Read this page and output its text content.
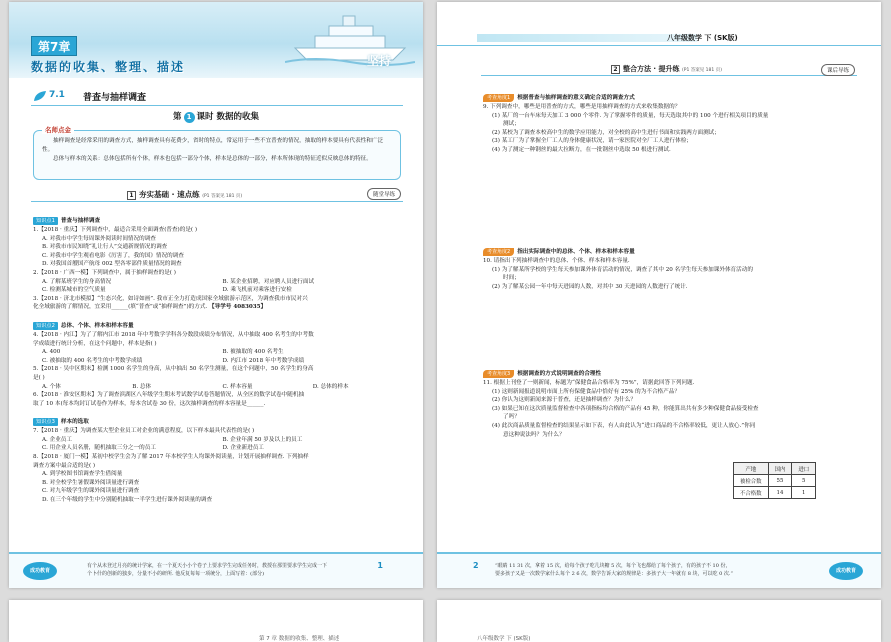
第7章
数据的收集、整理、描述	坚持
7.1 普查与抽样调查
第 1 课时 数据的收集
名师点金

抽样调查是经常采用的调查方式，抽样调查具有花费少，省时的特点，常运用于一些不宜普查的情况，抽取的样本要具有代表性和广泛性。

总体与样本的关系：总体包括所有个体，样本也包括一部分个体，样本是总体的一部分，样本所体现的特征近似反映总体的特征。

1 夯实基础 · 速点练 (P1 答案见 181 页)	随堂导练
知识点1 普查与抽样调查
1.【2018 · 重庆】下列调查中，最适合采用全面调查(普查)的是( )
A. 对我市中学生每周课外阅读时间情况的调查
B. 对我市市民知晓“礼让行人”交通新规情况的调查
C. 对我市中学生观看电影《厉害了，我的国》情况的调查
D. 对我国首艘国产航母 002 型各零部件质量情况的调查
2.【2018 · 广西一模】下列调查中，属于抽样调查的是( )
A. 了解某班学生的身高情况	B. 某企业招聘，对应聘人员进行面试
C. 检测某城市的空气质量	D. 乘飞机前对乘客进行安检
3.【2018 · 济北市模拟】“生态兴化，如诗如画”. 我市正全力打造成国家全域旅游示范区，为调查我市市民对兴
化全域旅游的了解情况，宜采用______(填“普查”或“抽样调查”)的方式. 【导学号 4083035】
知识点2 总体、个体、样本和样本容量
4.【2018 · 内江】为了了解内江市 2018 年中考数学学科各分数段成绩分布情况，从中抽取 400 名考生的中考数
学成绩进行统计分析，在这个问题中，样本是指( )
A. 400	B. 被抽取的 400 名考生
C. 被抽取的 400 名考生的中考数学成绩	D. 内江市 2018 年中考数学成绩
5.【2018 · 吴中区期末】检测 1000 名学生的身高，从中抽出 50 名学生测量，在这个问题中，50 名学生的身高
是( )
A. 个体	B. 总体	C. 样本容量	D. 总体的样本
6.【2018 · 淮安区期末】为了调查滨湖区八年级学生期末考试数学试卷答题情况，从全区的数学试卷中随机抽
取了 10 本(每本均封订试卷作为样本，每本含试卷 30 份，这次抽样调查的样本容量是______.
知识点3 样本的选取
7.【2018 · 重庆】为调查某大型企业员工对企业的满意程度，以下样本最具代表性的是( )
A. 企业员工	B. 企业年满 50 岁及以上的员工
C. 用企业人员名册，随机抽取三分之一的员工	D. 企业新进员工
8.【2018 · 厦门一模】某初中校学生会为了解 2017 年本校学生人均课外阅读量，计划开展抽样调查. 下列抽样
调查方案中最合适的是( )
A. 到学校图书馆调查学生借阅量
B. 对全校学生暑假课外阅读量进行调查
C. 对九年级学生的课外阅读量进行调查
D. 在三个年级的学生中分别随机抽取一半学生进行课外阅读量的调查
成功教育
有个从未登过月亮的统计学家，在一个夏天小小个卷子上要求学生完成任务时，教授在那里要求学生完成一下
个卜什的创新的独步，分量不小的研所. 他反复每每一项统分，上面写着：(部分)
1
八年级数学 下 (SK版)
2 整合方法 · 提升练 (P1 答案见 181 页)	课后导练
考查角度1 根据普查与抽样调查的意义确定合适的调查方式
9. 下列调查中，哪些是用普查的方式，哪些是用抽样调查的方式来收集数据的？
(1) 某厂的一台车床每天加工 3 000 个零件. 为了掌握零件的质量，每天选取其中的 100 个进行相关项目的质量
测试；
(2) 某校为了调查本校高中生的数学应用能力，对全校的高中生进行书面和实践两方面测试；
(3) 某工厂为了掌握全厂工人的身体健康状况，请一家医院对全厂工人进行体检；
(4) 为了测定一种钢丝的最大拉断力，在一批钢丝中选取 50 根进行测试.
考查角度2 指出实际调查中的总体、个体、样本和样本容量
10. 请指出下列抽样调查中的总体、个体、样本和样本容量.
(1) 为了解某所学校的学生每天参加课外体育活动的情况，调查了其中 20 名学生每天参加课外体育活动的
时间；
(2) 为了解某公园一年中每天进园的人数，对其中 30 天进园的人数进行了统计.
考查角度3 根据调查的方式说明调查的合理性
11. 根据上刊登了一则新闻，标题为“保健食品合格率为 75%”，请据此回答下列问题.
(1) 这则新闻报道说明市面上所有保健食品中恰好有 25% 的为不合格产品？
(2) 你认为这则新闻来源于普查，还是抽样调查？为什么？
(3) 如果已知在这次质量监督检查中各项指标均合格的产品有 45 种，你能算出共有多少种保健食品接受检查
了吗？
(4) 此次商品质量监督检查的结果显示如下表，有人由此认为“进口商品的不合格率较低，更让人放心.”你同
意这种说法吗？为什么？
产地	国内	进口
被检合数	55	5
不合格数	14	1
2	“眼睛 11 31 次，拿着 15 次，给每个孩子吃几块糖 5 次，每个飞也都给了每个孩子，有的孩子不 10 份，
要多孩子又是一次数学家什么每个 2 6 次，数学告诉大家的规律是：多孩子大一年就有 8 块，可以吃 0 次.”	成功教育
第 7 章 数据的收集、整理、描述	八年级数学 下 (SK版)
